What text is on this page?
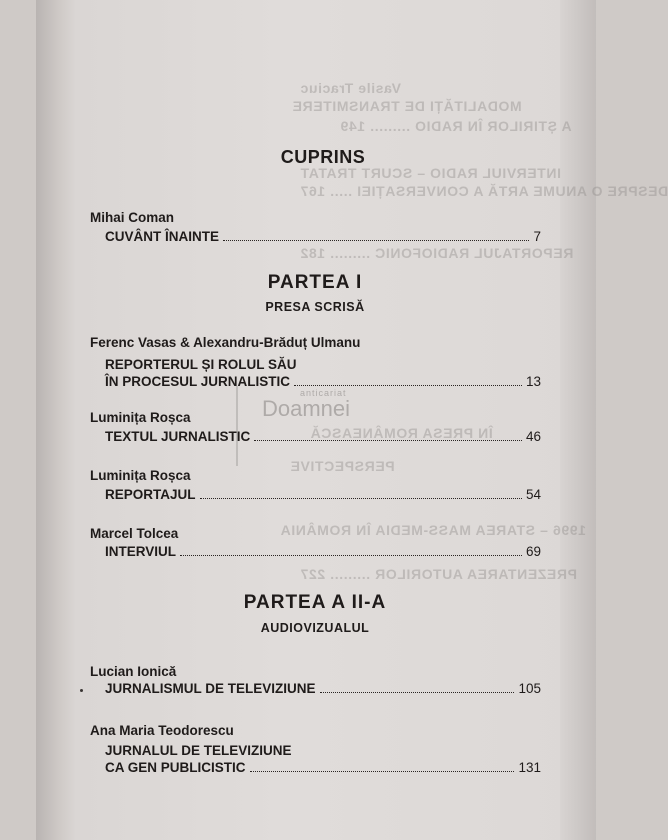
Vasile Traciuc
MODALITĂȚI DE TRANSMITERE
A ȘTIRILOR ÎN RADIO ......... 149
INTERVIUL RADIO – SCURT TRATAT
DESPRE O ANUME ARTĂ A CONVERSAȚIEI ..... 167
REPORTAJUL RADIOFONIC ......... 182
ÎN PRESA ROMÂNEASCĂ
PERSPECTIVE
1996 – STAREA MASS-MEDIA ÎN ROMÂNIA
PREZENTAREA AUTORILOR ......... 227
anticariat
Doamnei
CUPRINS
Mihai Coman
CUVÂNT ÎNAINTE	7
PARTEA I
PRESA SCRISĂ
Ferenc Vasas & Alexandru-Brăduț Ulmanu
REPORTERUL ȘI ROLUL SĂU
ÎN PROCESUL JURNALISTIC	13
Luminița Roșca
TEXTUL JURNALISTIC	46
Luminița Roșca
REPORTAJUL	54
Marcel Tolcea
INTERVIUL	69
PARTEA A II-A
AUDIOVIZUALUL
Lucian Ionică
JURNALISMUL DE TELEVIZIUNE	105
Ana Maria Teodorescu
JURNALUL DE TELEVIZIUNE
CA GEN PUBLICISTIC	131
